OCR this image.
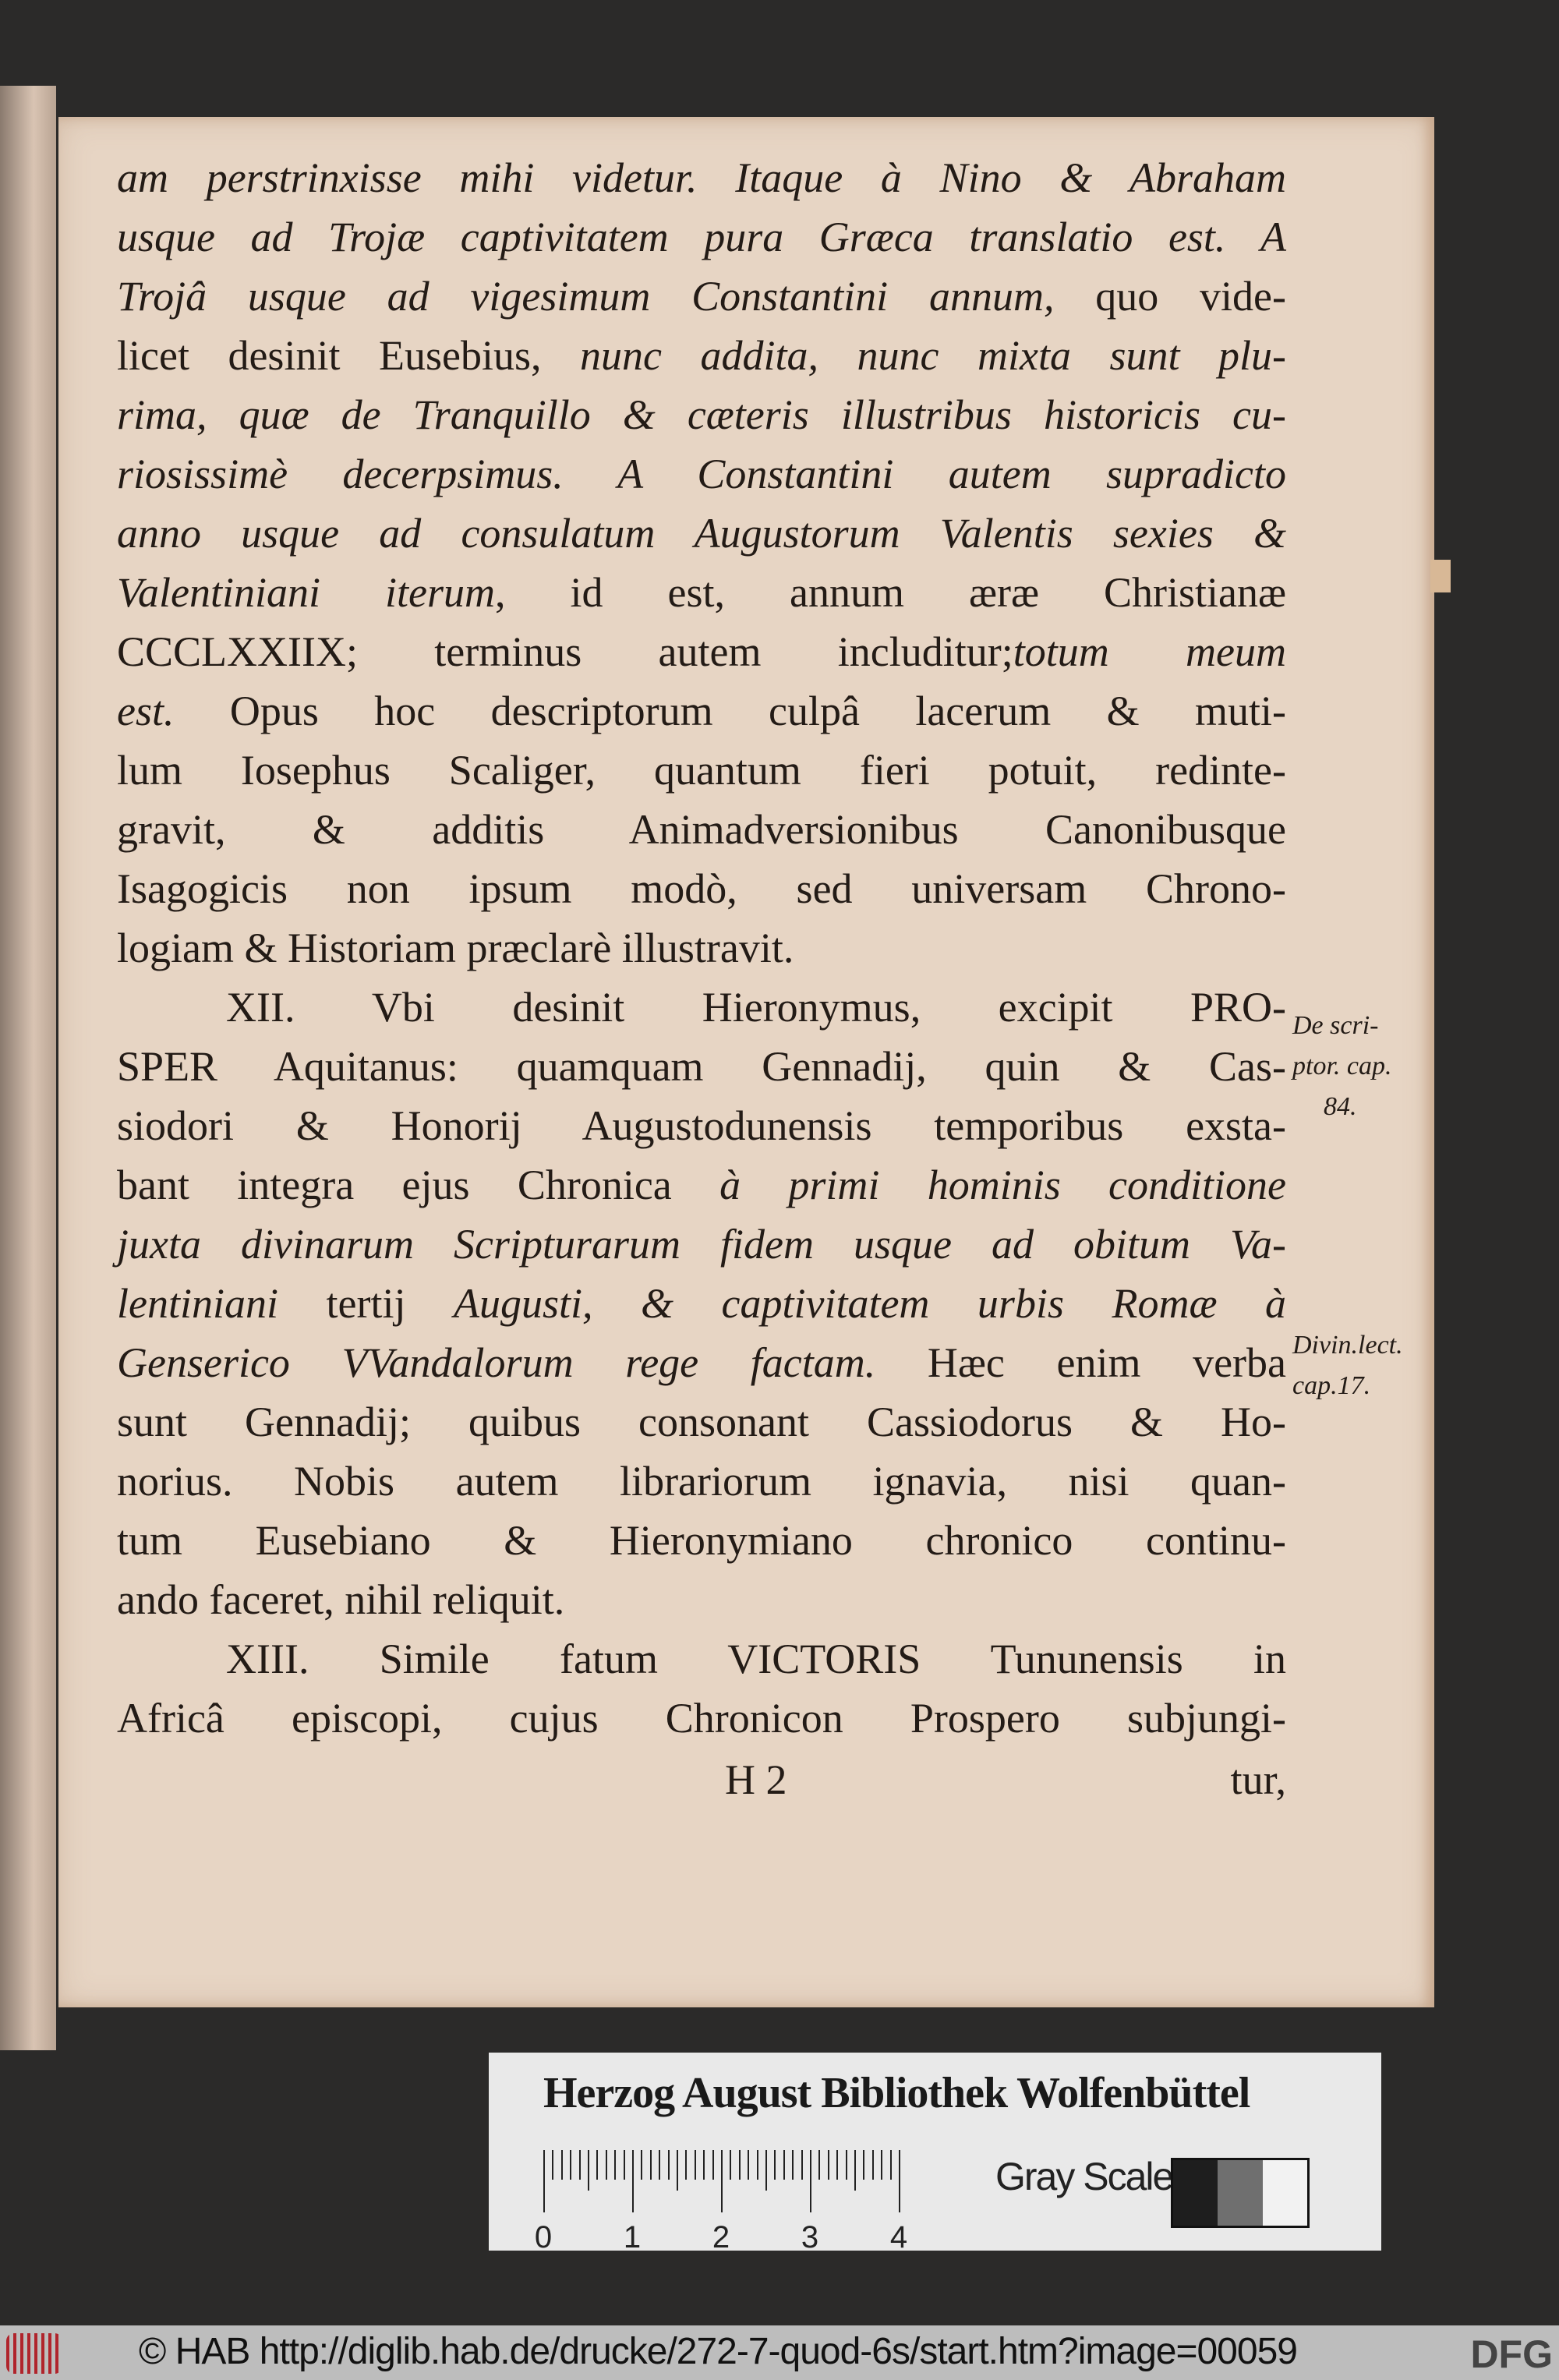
am perstrinxisse mihi videtur. Itaque à Nino & Abraham
usque ad Trojæ captivitatem pura Græca translatio est. A
Trojâ usque ad vigesimum Constantini annum, quo vide-
licet desinit Eusebius, nunc addita, nunc mixta sunt plu-
rima, quæ de Tranquillo & cæteris illustribus historicis cu-
riosissimè decerpsimus. A Constantini autem supradicto
anno usque ad consulatum Augustorum Valentis sexies &
Valentiniani iterum, id est, annum æræ Christianæ
CCCLXXIIX; terminus autem includitur;totum meum
est. Opus hoc descriptorum culpâ lacerum & muti-
lum Iosephus Scaliger, quantum fieri potuit, redinte-
gravit, & additis Animadversionibus Canonibusque
Isagogicis non ipsum modò, sed universam Chrono-
logiam & Historiam præclarè illustravit.
XII. Vbi desinit Hieronymus, excipit PRO-
SPER Aquitanus: quamquam Gennadij, quin & Cas-
siodori & Honorij Augustodunensis temporibus exsta-
bant integra ejus Chronica à primi hominis conditione
juxta divinarum Scripturarum fidem usque ad obitum Va-
lentiniani tertij Augusti, & captivitatem urbis Romæ à
Genserico VVandalorum rege factam. Hæc enim verba
sunt Gennadij; quibus consonant Cassiodorus & Ho-
norius. Nobis autem librariorum ignavia, nisi quan-
tum Eusebiano & Hieronymiano chronico continu-
ando faceret, nihil reliquit.
XIII. Simile fatum VICTORIS Tununensis in
Africâ episcopi, cujus Chronicon Prospero subjungi-
H 2	tur,
De scri-
ptor. cap.
84.
Divin.lect.
cap.17.
Herzog August Bibliothek Wolfenbüttel
0 1 2 3 4
Gray Scale
© HAB http://diglib.hab.de/drucke/272-7-quod-6s/start.htm?image=00059	DFG
